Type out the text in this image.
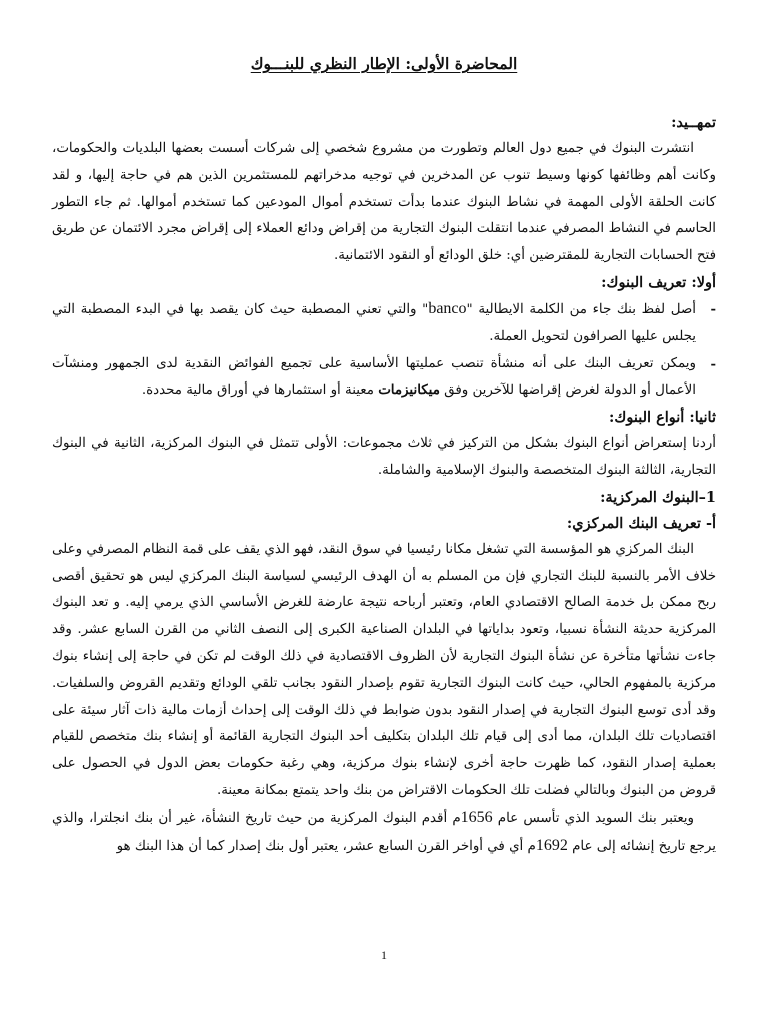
المحاضرة الأولى: الإطار النظري للبنـــوك

تمهــيد:

انتشرت البنوك في جميع دول العالم وتطورت من مشروع شخصي إلى شركات أسست بعضها البلديات والحكومات، وكانت أهم وظائفها كونها وسيط تنوب عن المدخرين في توجيه مدخراتهم للمستثمرين الذين هم في حاجة إليها، و لقد كانت الحلقة الأولى المهمة في نشاط البنوك عندما بدأت تستخدم أموال المودعين كما تستخدم أموالها. ثم جاء التطور الحاسم في النشاط المصرفي عندما انتقلت البنوك التجارية من إقراض ودائع العملاء إلى إقراض مجرد الائتمان عن طريق فتح الحسابات التجارية للمقترضين أي: خلق الودائع أو النقود الائتمانية.

أولا: تعريف البنوك:

-
أصل لفظ بنك جاء من الكلمة الايطالية "banco" والتي تعني المصطبة حيث كان يقصد بها في البدء المصطبة التي يجلس عليها الصرافون لتحويل العملة.
-
ويمكن تعريف البنك على أنه منشأة تنصب عمليتها الأساسية على تجميع الفوائض النقدية لدى الجمهور ومنشآت الأعمال أو الدولة لغرض إقراضها للآخرين وفق ميكانيزمات معينة أو استثمارها في أوراق مالية محددة.

ثانيا: أنواع البنوك:

أردنا إستعراض أنواع البنوك بشكل من التركيز في ثلاث مجموعات: الأولى تتمثل في البنوك المركزية، الثانية في البنوك التجارية، الثالثة البنوك المتخصصة والبنوك الإسلامية والشاملة.

1–البنوك المركزية:

أ- تعريف البنك المركزي:

البنك المركزي هو المؤسسة التي تشغل مكانا رئيسيا في سوق النقد، فهو الذي يقف على قمة النظام المصرفي وعلى خلاف الأمر بالنسبة للبنك التجاري فإن من المسلم به أن الهدف الرئيسي لسياسة البنك المركزي ليس هو تحقيق أقصى ربح ممكن بل خدمة الصالح الاقتصادي العام، وتعتبر أرباحه نتيجة عارضة للغرض الأساسي الذي يرمي إليه. و تعد البنوك المركزية حديثة النشأة نسبيا، وتعود بداياتها في البلدان الصناعية الكبرى إلى النصف الثاني من القرن السابع عشر. وقد جاءت نشأتها متأخرة عن نشأة البنوك التجارية لأن الظروف الاقتصادية في ذلك الوقت لم تكن في حاجة إلى إنشاء بنوك مركزية بالمفهوم الحالي، حيث كانت البنوك التجارية تقوم بإصدار النقود بجانب تلقي الودائع وتقديم القروض والسلفيات. وقد أدى توسع البنوك التجارية في إصدار النقود بدون ضوابط في ذلك الوقت إلى إحداث أزمات مالية ذات آثار سيئة على اقتصاديات تلك البلدان، مما أدى إلى قيام تلك البلدان بتكليف أحد البنوك التجارية القائمة أو إنشاء بنك متخصص للقيام بعملية إصدار النقود، كما ظهرت حاجة أخرى لإنشاء بنوك مركزية، وهي رغبة حكومات بعض الدول في الحصول على قروض من البنوك وبالتالي فضلت تلك الحكومات الاقتراض من بنك واحد يتمتع بمكانة معينة.

ويعتبر بنك السويد الذي تأسس عام 1656م أقدم البنوك المركزية من حيث تاريخ النشأة، غير أن بنك انجلترا، والذي يرجع تاريخ إنشائه إلى عام 1692م أي في أواخر القرن السابع عشر، يعتبر أول بنك إصدار كما أن هذا البنك هو

1
